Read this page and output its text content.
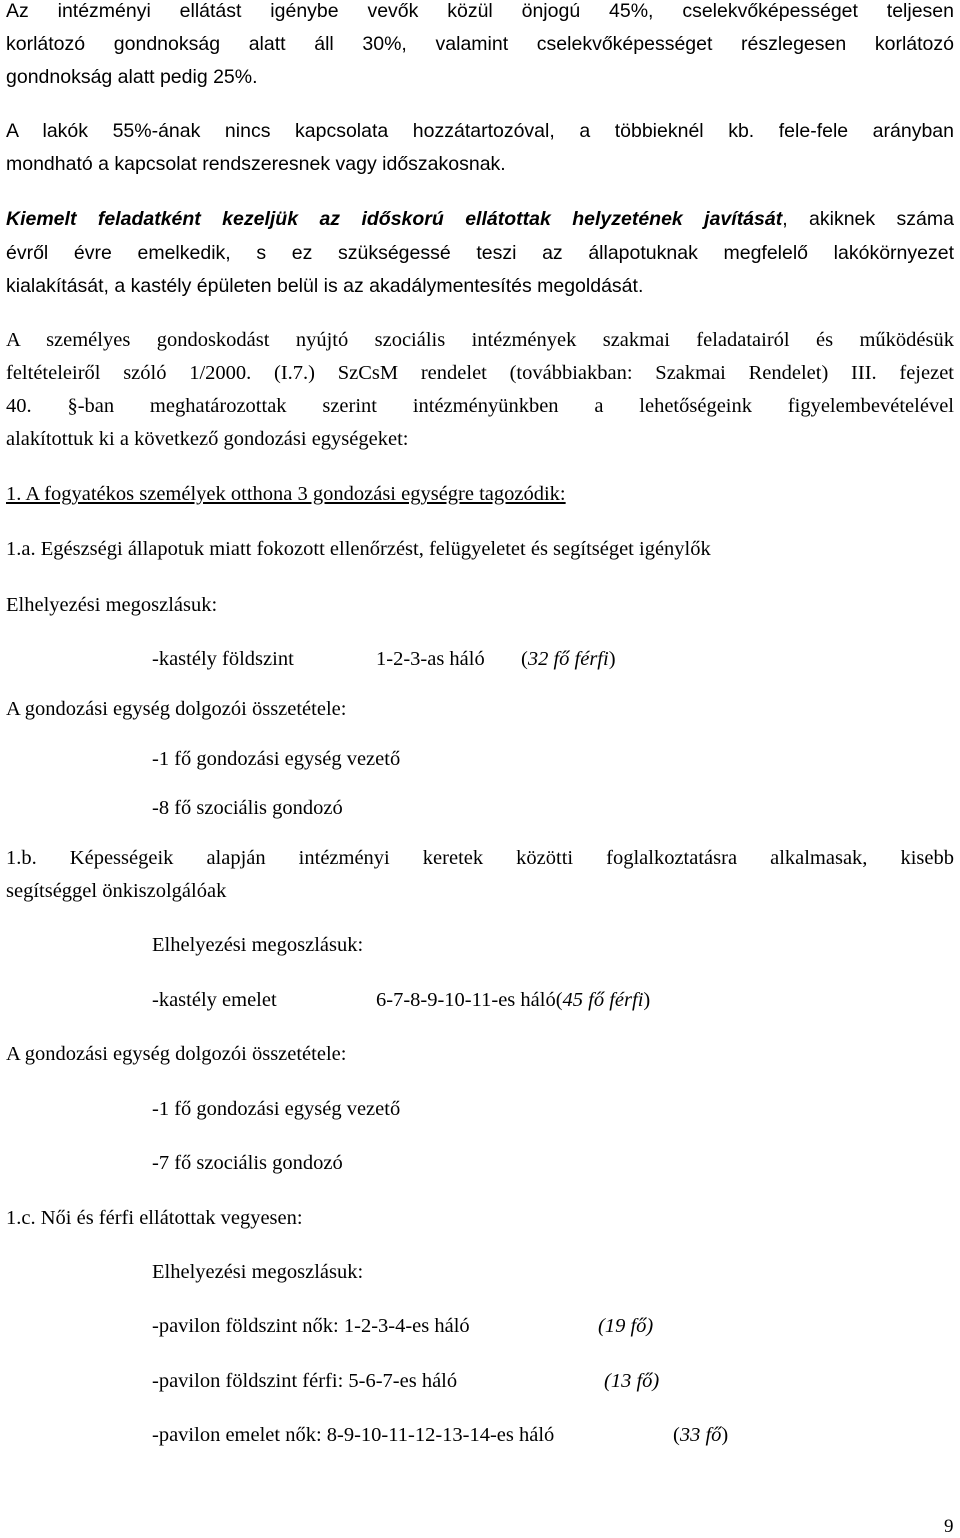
Az intézményi ellátást igénybe vevők közül önjogú 45%, cselekvőképességet teljesen
korlátozó gondnokság alatt áll 30%, valamint cselekvőképességet részlegesen korlátozó
gondnokság alatt pedig 25%.
A lakók 55%-ának nincs kapcsolata hozzátartozóval, a többieknél kb. fele-fele arányban
mondható a kapcsolat rendszeresnek vagy időszakosnak.
Kiemelt feladatként kezeljük az időskorú ellátottak helyzetének javítását, akiknek száma
évről évre emelkedik, s ez szükségessé teszi az állapotuknak megfelelő lakókörnyezet
kialakítását, a kastély épületen belül is az akadálymentesítés megoldását.
A személyes gondoskodást nyújtó szociális intézmények szakmai feladatairól és működésük
feltételeiről szóló 1/2000. (I.7.) SzCsM rendelet (továbbiakban: Szakmai Rendelet) III. fejezet
40. §-ban meghatározottak szerint intézményünkben a lehetőségeink figyelembevételével
alakítottuk ki a következő gondozási egységeket:
1. A fogyatékos személyek otthona 3 gondozási egységre tagozódik:
1.a. Egészségi állapotuk miatt fokozott ellenőrzést, felügyeletet és segítséget igénylők
Elhelyezési megoszlásuk:
-kastély földszint	1-2-3-as háló (32 fő férfi)
A gondozási egység dolgozói összetétele:
-1 fő gondozási egység vezető
-8 fő szociális gondozó
1.b. Képességeik alapján intézményi keretek közötti foglalkoztatásra alkalmasak, kisebb
segítséggel önkiszolgálóak
Elhelyezési megoszlásuk:
-kastély emelet	6-7-8-9-10-11-es háló(45 fő férfi)
A gondozási egység dolgozói összetétele:
-1 fő gondozási egység vezető
-7 fő szociális gondozó
1.c. Női és férfi ellátottak vegyesen:
Elhelyezési megoszlásuk:
-pavilon földszint nők: 1-2-3-4-es háló	(19 fő)
-pavilon földszint férfi: 5-6-7-es háló	(13 fő)
-pavilon emelet nők: 8-9-10-11-12-13-14-es háló	(33 fő)
9
